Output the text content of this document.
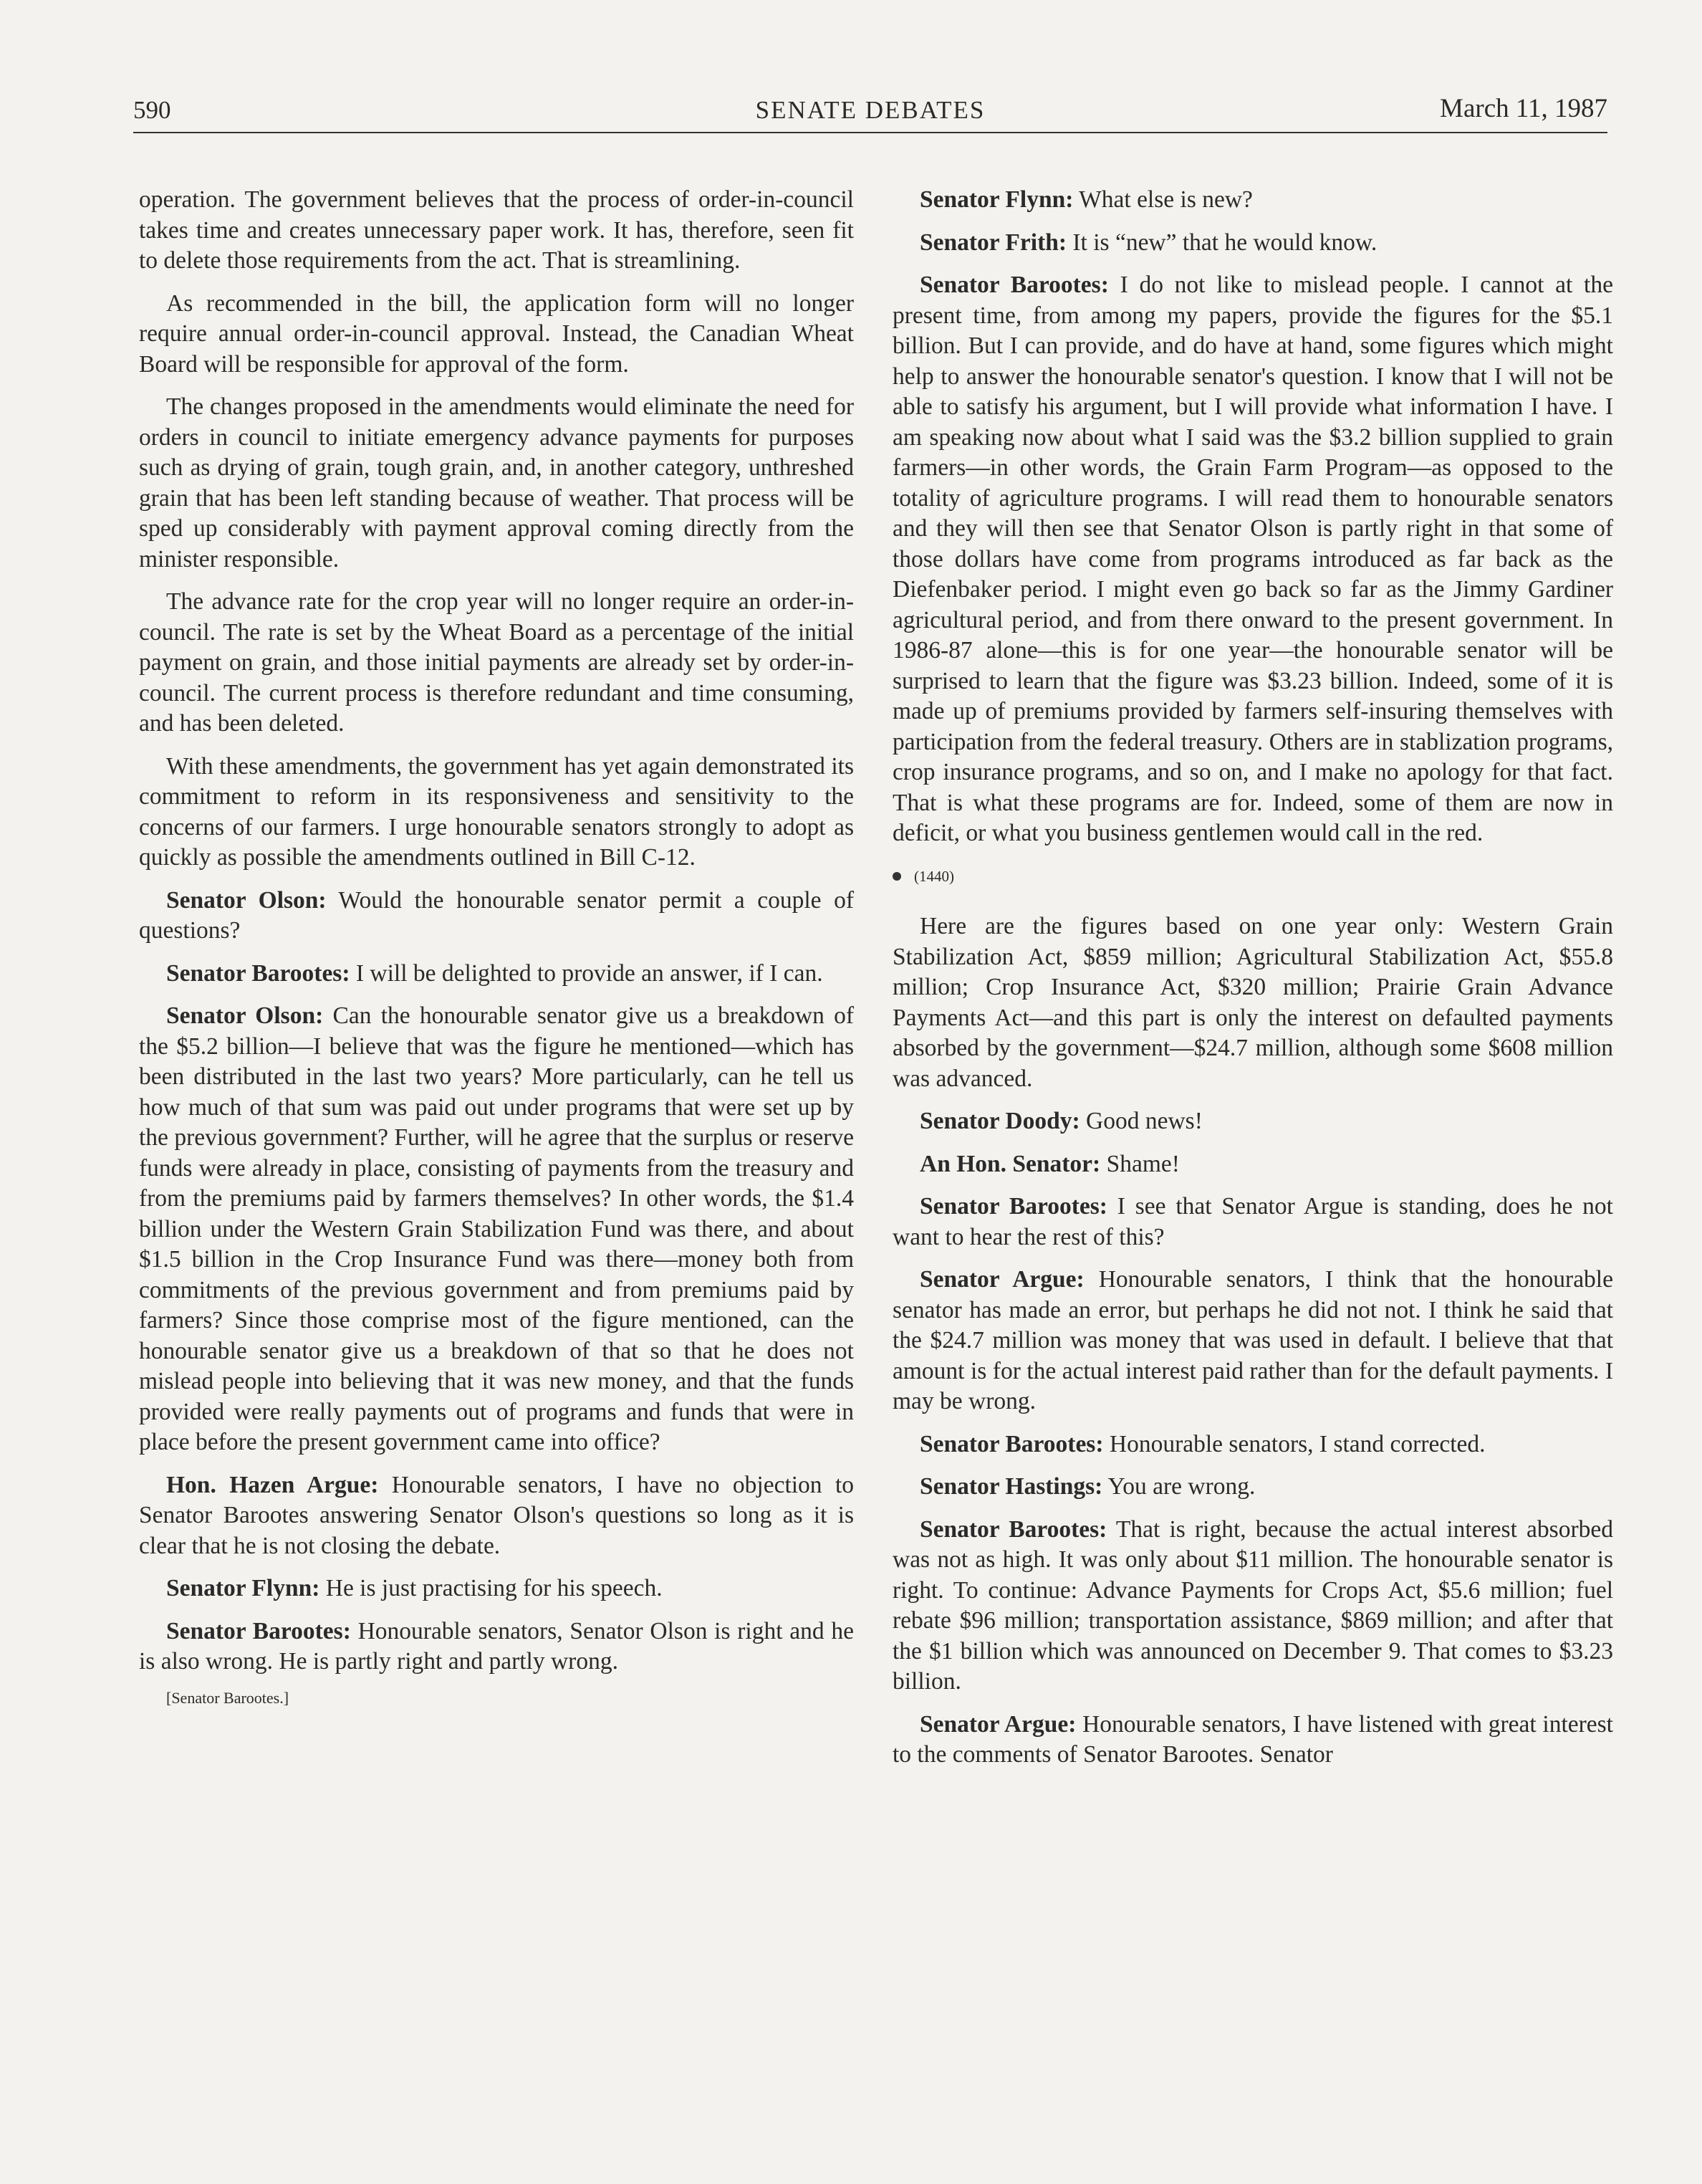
590	SENATE DEBATES	March 11, 1987

operation. The government believes that the process of order-in-council takes time and creates unnecessary paper work. It has, therefore, seen fit to delete those requirements from the act. That is streamlining.

As recommended in the bill, the application form will no longer require annual order-in-council approval. Instead, the Canadian Wheat Board will be responsible for approval of the form.

The changes proposed in the amendments would eliminate the need for orders in council to initiate emergency advance payments for purposes such as drying of grain, tough grain, and, in another category, unthreshed grain that has been left standing because of weather. That process will be sped up considerably with payment approval coming directly from the minister responsible.

The advance rate for the crop year will no longer require an order-in-council. The rate is set by the Wheat Board as a percentage of the initial payment on grain, and those initial payments are already set by order-in-council. The current process is therefore redundant and time consuming, and has been deleted.

With these amendments, the government has yet again demonstrated its commitment to reform in its responsiveness and sensitivity to the concerns of our farmers. I urge honourable senators strongly to adopt as quickly as possible the amendments outlined in Bill C-12.

Senator Olson: Would the honourable senator permit a couple of questions?

Senator Barootes: I will be delighted to provide an answer, if I can.

Senator Olson: Can the honourable senator give us a breakdown of the $5.2 billion—I believe that was the figure he mentioned—which has been distributed in the last two years? More particularly, can he tell us how much of that sum was paid out under programs that were set up by the previous government? Further, will he agree that the surplus or reserve funds were already in place, consisting of payments from the treasury and from the premiums paid by farmers themselves? In other words, the $1.4 billion under the Western Grain Stabilization Fund was there, and about $1.5 billion in the Crop Insurance Fund was there—money both from commitments of the previous government and from premiums paid by farmers? Since those comprise most of the figure mentioned, can the honourable senator give us a breakdown of that so that he does not mislead people into believing that it was new money, and that the funds provided were really payments out of programs and funds that were in place before the present government came into office?

Hon. Hazen Argue: Honourable senators, I have no objection to Senator Barootes answering Senator Olson's questions so long as it is clear that he is not closing the debate.

Senator Flynn: He is just practising for his speech.

Senator Barootes: Honourable senators, Senator Olson is right and he is also wrong. He is partly right and partly wrong.

[Senator Barootes.]

Senator Flynn: What else is new?

Senator Frith: It is “new” that he would know.

Senator Barootes: I do not like to mislead people. I cannot at the present time, from among my papers, provide the figures for the $5.1 billion. But I can provide, and do have at hand, some figures which might help to answer the honourable senator's question. I know that I will not be able to satisfy his argument, but I will provide what information I have. I am speaking now about what I said was the $3.2 billion supplied to grain farmers—in other words, the Grain Farm Program—as opposed to the totality of agriculture programs. I will read them to honourable senators and they will then see that Senator Olson is partly right in that some of those dollars have come from programs introduced as far back as the Diefenbaker period. I might even go back so far as the Jimmy Gardiner agricultural period, and from there onward to the present government. In 1986-87 alone—this is for one year—the honourable senator will be surprised to learn that the figure was $3.23 billion. Indeed, some of it is made up of premiums provided by farmers self-insuring themselves with participation from the federal treasury. Others are in stablization programs, crop insurance programs, and so on, and I make no apology for that fact. That is what these programs are for. Indeed, some of them are now in deficit, or what you business gentlemen would call in the red.

(1440)

Here are the figures based on one year only: Western Grain Stabilization Act, $859 million; Agricultural Stabilization Act, $55.8 million; Crop Insurance Act, $320 million; Prairie Grain Advance Payments Act—and this part is only the interest on defaulted payments absorbed by the government—$24.7 million, although some $608 million was advanced.

Senator Doody: Good news!

An Hon. Senator: Shame!

Senator Barootes: I see that Senator Argue is standing, does he not want to hear the rest of this?

Senator Argue: Honourable senators, I think that the honourable senator has made an error, but perhaps he did not not. I think he said that the $24.7 million was money that was used in default. I believe that that amount is for the actual interest paid rather than for the default payments. I may be wrong.

Senator Barootes: Honourable senators, I stand corrected.

Senator Hastings: You are wrong.

Senator Barootes: That is right, because the actual interest absorbed was not as high. It was only about $11 million. The honourable senator is right. To continue: Advance Payments for Crops Act, $5.6 million; fuel rebate $96 million; transportation assistance, $869 million; and after that the $1 billion which was announced on December 9. That comes to $3.23 billion.

Senator Argue: Honourable senators, I have listened with great interest to the comments of Senator Barootes. Senator
